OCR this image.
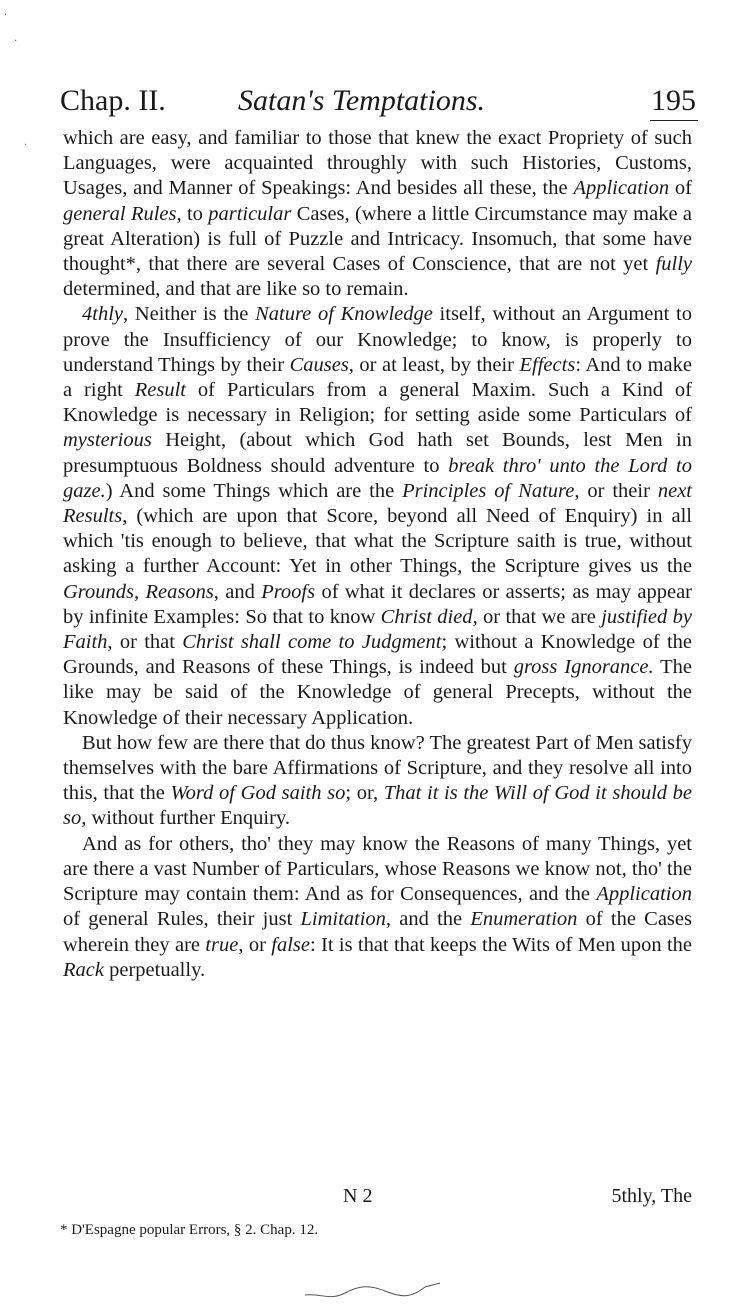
·
·
·
Chap. II. Satan's Temptations.	195

which are easy, and familiar to those that knew the exact Propriety of such Languages, were acquainted throughly with such Histories, Customs, Usages, and Manner of Speakings: And besides all these, the Application of general Rules, to particular Cases, (where a little Circumstance may make a great Alteration) is full of Puzzle and Intricacy. Insomuch, that some have thought*, that there are several Cases of Conscience, that are not yet fully determined, and that are like so to remain.

4thly, Neither is the Nature of Knowledge itself, without an Argument to prove the Insufficiency of our Knowledge; to know, is properly to understand Things by their Causes, or at least, by their Effects: And to make a right Result of Particulars from a general Maxim. Such a Kind of Knowledge is necessary in Religion; for setting aside some Particulars of mysterious Height, (about which God hath set Bounds, lest Men in presumptuous Boldness should adventure to break thro' unto the Lord to gaze.) And some Things which are the Principles of Nature, or their next Results, (which are upon that Score, beyond all Need of Enquiry) in all which 'tis enough to believe, that what the Scripture saith is true, without asking a further Account: Yet in other Things, the Scripture gives us the Grounds, Reasons, and Proofs of what it declares or asserts; as may appear by infinite Examples: So that to know Christ died, or that we are justified by Faith, or that Christ shall come to Judgment; without a Knowledge of the Grounds, and Reasons of these Things, is indeed but gross Ignorance. The like may be said of the Knowledge of general Precepts, without the Knowledge of their necessary Application.

But how few are there that do thus know? The greatest Part of Men satisfy themselves with the bare Affirmations of Scripture, and they resolve all into this, that the Word of God saith so; or, That it is the Will of God it should be so, without further Enquiry.

And as for others, tho' they may know the Reasons of many Things, yet are there a vast Number of Particulars, whose Reasons we know not, tho' the Scripture may contain them: And as for Consequences, and the Application of general Rules, their just Limitation, and the Enumeration of the Cases wherein they are true, or false: It is that that keeps the Wits of Men upon the Rack perpetually.

N 2	5thly, The
* D'Espagne popular Errors, § 2. Chap. 12.
